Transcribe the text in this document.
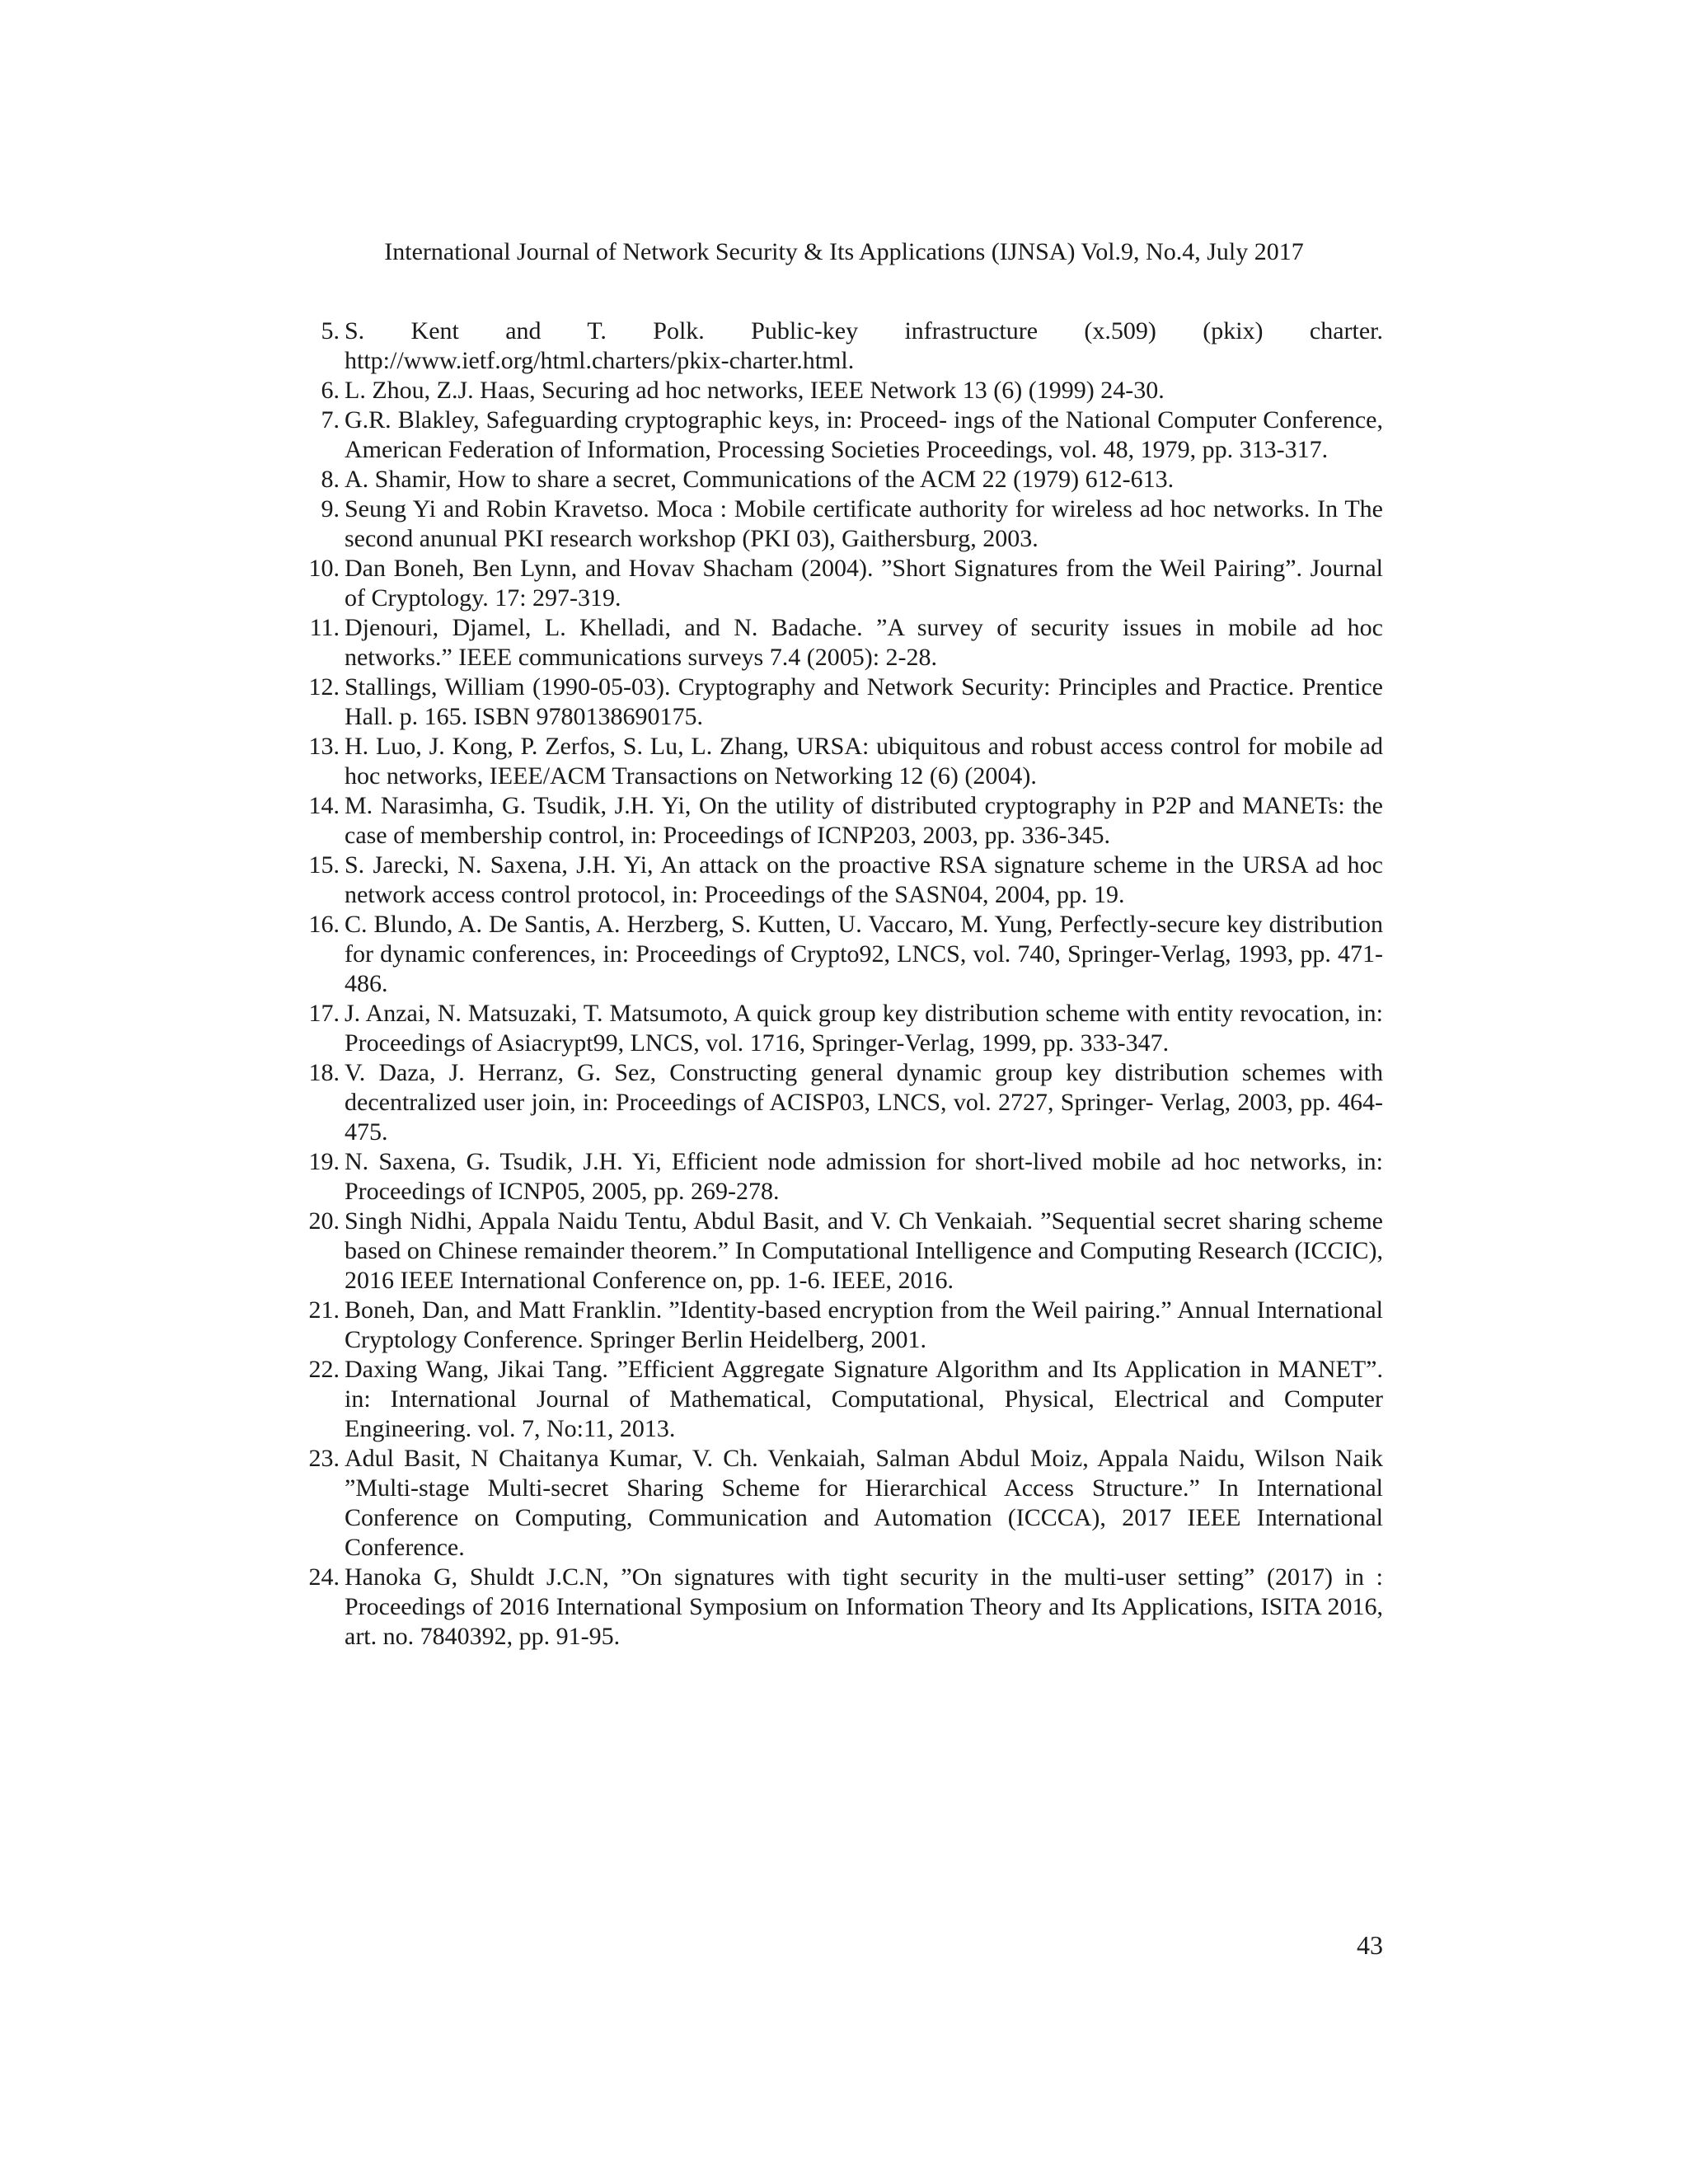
International Journal of Network Security & Its Applications (IJNSA) Vol.9, No.4, July 2017
5. S. Kent and T. Polk. Public-key infrastructure (x.509) (pkix) charter. http://www.ietf.org/html.charters/pkix-charter.html.
6. L. Zhou, Z.J. Haas, Securing ad hoc networks, IEEE Network 13 (6) (1999) 24-30.
7. G.R. Blakley, Safeguarding cryptographic keys, in: Proceed- ings of the National Computer Conference, American Federation of Information, Processing Societies Proceedings, vol. 48, 1979, pp. 313-317.
8. A. Shamir, How to share a secret, Communications of the ACM 22 (1979) 612-613.
9. Seung Yi and Robin Kravetso. Moca : Mobile certificate authority for wireless ad hoc networks. In The second anunual PKI research workshop (PKI 03), Gaithersburg, 2003.
10. Dan Boneh, Ben Lynn, and Hovav Shacham (2004). ”Short Signatures from the Weil Pairing”. Journal of Cryptology. 17: 297-319.
11. Djenouri, Djamel, L. Khelladi, and N. Badache. ”A survey of security issues in mobile ad hoc networks.” IEEE communications surveys 7.4 (2005): 2-28.
12. Stallings, William (1990-05-03). Cryptography and Network Security: Principles and Practice. Prentice Hall. p. 165. ISBN 9780138690175.
13. H. Luo, J. Kong, P. Zerfos, S. Lu, L. Zhang, URSA: ubiquitous and robust access control for mobile ad hoc networks, IEEE/ACM Transactions on Networking 12 (6) (2004).
14. M. Narasimha, G. Tsudik, J.H. Yi, On the utility of distributed cryptography in P2P and MANETs: the case of membership control, in: Proceedings of ICNP203, 2003, pp. 336-345.
15. S. Jarecki, N. Saxena, J.H. Yi, An attack on the proactive RSA signature scheme in the URSA ad hoc network access control protocol, in: Proceedings of the SASN04, 2004, pp. 19.
16. C. Blundo, A. De Santis, A. Herzberg, S. Kutten, U. Vaccaro, M. Yung, Perfectly-secure key distribution for dynamic conferences, in: Proceedings of Crypto92, LNCS, vol. 740, Springer-Verlag, 1993, pp. 471-486.
17. J. Anzai, N. Matsuzaki, T. Matsumoto, A quick group key distribution scheme with entity revocation, in: Proceedings of Asiacrypt99, LNCS, vol. 1716, Springer-Verlag, 1999, pp. 333-347.
18. V. Daza, J. Herranz, G. Sez, Constructing general dynamic group key distribution schemes with decentralized user join, in: Proceedings of ACISP03, LNCS, vol. 2727, Springer- Verlag, 2003, pp. 464-475.
19. N. Saxena, G. Tsudik, J.H. Yi, Efficient node admission for short-lived mobile ad hoc networks, in: Proceedings of ICNP05, 2005, pp. 269-278.
20. Singh Nidhi, Appala Naidu Tentu, Abdul Basit, and V. Ch Venkaiah. ”Sequential secret sharing scheme based on Chinese remainder theorem.” In Computational Intelligence and Computing Research (ICCIC), 2016 IEEE International Conference on, pp. 1-6. IEEE, 2016.
21. Boneh, Dan, and Matt Franklin. ”Identity-based encryption from the Weil pairing.” Annual International Cryptology Conference. Springer Berlin Heidelberg, 2001.
22. Daxing Wang, Jikai Tang. ”Efficient Aggregate Signature Algorithm and Its Application in MANET”. in: International Journal of Mathematical, Computational, Physical, Electrical and Computer Engineering. vol. 7, No:11, 2013.
23. Adul Basit, N Chaitanya Kumar, V. Ch. Venkaiah, Salman Abdul Moiz, Appala Naidu, Wilson Naik ”Multi-stage Multi-secret Sharing Scheme for Hierarchical Access Structure.” In International Conference on Computing, Communication and Automation (ICCCA), 2017 IEEE International Conference.
24. Hanoka G, Shuldt J.C.N, ”On signatures with tight security in the multi-user setting” (2017) in : Proceedings of 2016 International Symposium on Information Theory and Its Applications, ISITA 2016, art. no. 7840392, pp. 91-95.
43
